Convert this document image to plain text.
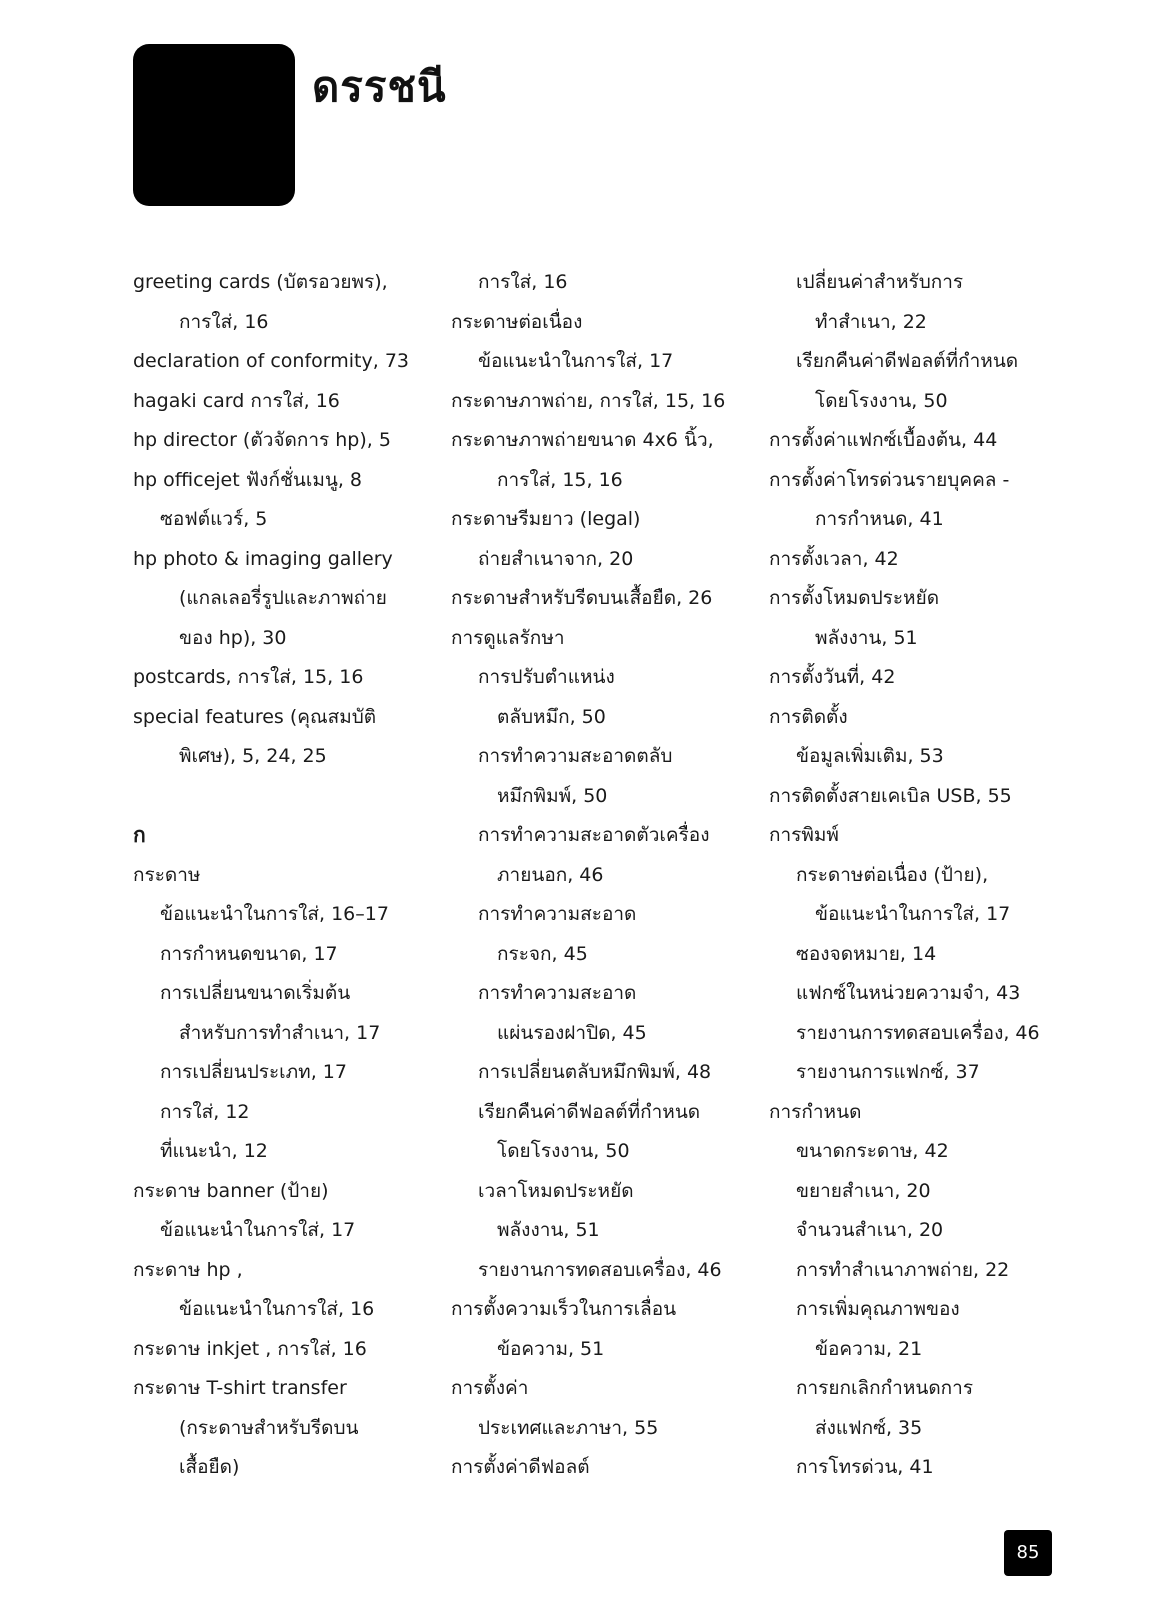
ดรรชนี
greeting cards (บัตรอวยพร),
การใส่, 16
declaration of conformity, 73
hagaki card การใส่, 16
hp director (ตัวจัดการ hp), 5
hp officejet ฟังก์ชั่นเมนู, 8
ซอฟต์แวร์, 5
hp photo & imaging gallery
(แกลเลอรี่รูปและภาพถ่าย
ของ hp), 30
postcards, การใส่, 15, 16
special features (คุณสมบัติ
พิเศษ), 5, 24, 25
ก
กระดาษ
ข้อแนะนำในการใส่, 16–17
การกำหนดขนาด, 17
การเปลี่ยนขนาดเริ่มต้น
สำหรับการทำสำเนา, 17
การเปลี่ยนประเภท, 17
การใส่, 12
ที่แนะนำ, 12
กระดาษ banner (ป้าย)
ข้อแนะนำในการใส่, 17
กระดาษ hp ,
ข้อแนะนำในการใส่, 16
กระดาษ inkjet , การใส่, 16
กระดาษ T-shirt transfer
(กระดาษสำหรับรีดบน
เสื้อยืด)
การใส่, 16
กระดาษต่อเนื่อง
ข้อแนะนำในการใส่, 17
กระดาษภาพถ่าย, การใส่, 15, 16
กระดาษภาพถ่ายขนาด 4x6 นิ้ว,
การใส่, 15, 16
กระดาษรีมยาว (legal)
ถ่ายสำเนาจาก, 20
กระดาษสำหรับรีดบนเสื้อยืด, 26
การดูแลรักษา
การปรับตำแหน่ง
ตลับหมึก, 50
การทำความสะอาดตลับ
หมึกพิมพ์, 50
การทำความสะอาดตัวเครื่อง
ภายนอก, 46
การทำความสะอาด
กระจก, 45
การทำความสะอาด
แผ่นรองฝาปิด, 45
การเปลี่ยนตลับหมึกพิมพ์, 48
เรียกคืนค่าดีฟอลต์ที่กำหนด
โดยโรงงาน, 50
เวลาโหมดประหยัด
พลังงาน, 51
รายงานการทดสอบเครื่อง, 46
การตั้งความเร็วในการเลื่อน
ข้อความ, 51
การตั้งค่า
ประเทศและภาษา, 55
การตั้งค่าดีฟอลต์
เปลี่ยนค่าสำหรับการ
ทำสำเนา, 22
เรียกคืนค่าดีฟอลต์ที่กำหนด
โดยโรงงาน, 50
การตั้งค่าแฟกซ์เบื้องต้น, 44
การตั้งค่าโทรด่วนรายบุคคล -
การกำหนด, 41
การตั้งเวลา, 42
การตั้งโหมดประหยัด
พลังงาน, 51
การตั้งวันที่, 42
การติดตั้ง
ข้อมูลเพิ่มเติม, 53
การติดตั้งสายเคเบิล USB, 55
การพิมพ์
กระดาษต่อเนื่อง (ป้าย),
ข้อแนะนำในการใส่, 17
ซองจดหมาย, 14
แฟกซ์ในหน่วยความจำ, 43
รายงานการทดสอบเครื่อง, 46
รายงานการแฟกซ์, 37
การกำหนด
ขนาดกระดาษ, 42
ขยายสำเนา, 20
จำนวนสำเนา, 20
การทำสำเนาภาพถ่าย, 22
การเพิ่มคุณภาพของ
ข้อความ, 21
การยกเลิกกำหนดการ
ส่งแฟกซ์, 35
การโทรด่วน, 41
85
